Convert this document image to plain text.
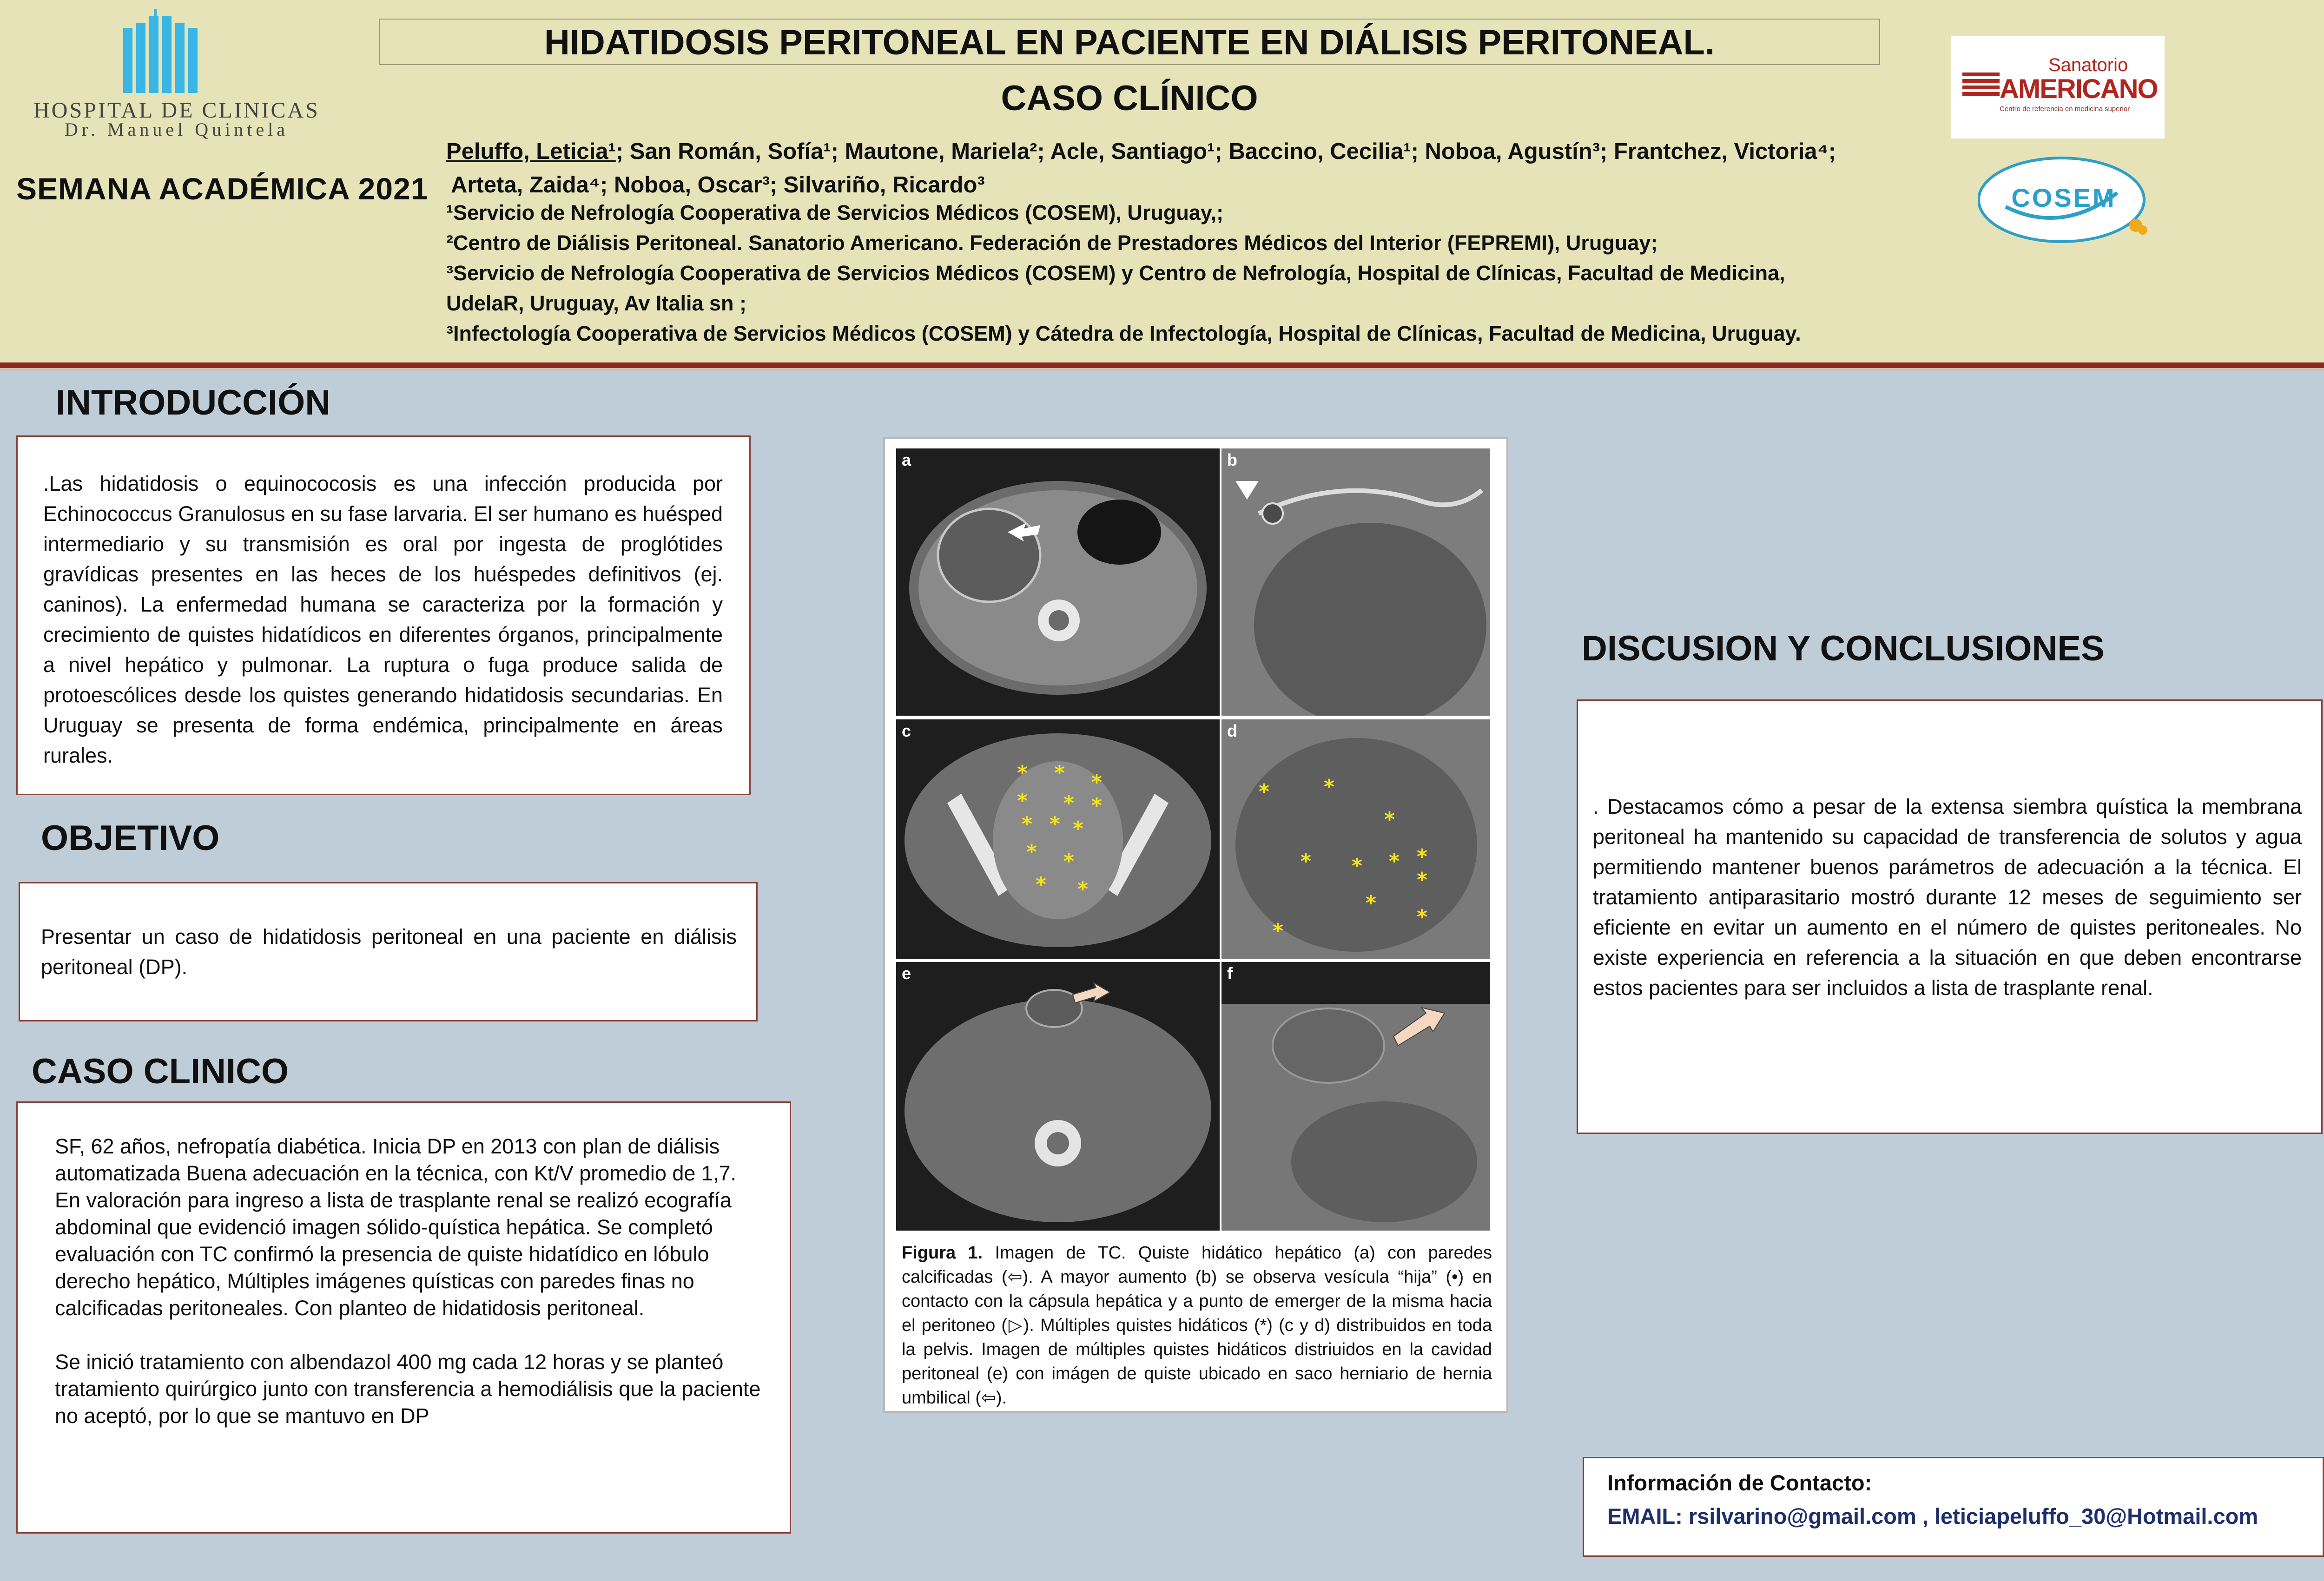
HOSPITAL DE CLINICAS
Dr. Manuel Quintela
SEMANA ACADÉMICA 2021
HIDATIDOSIS PERITONEAL EN PACIENTE EN DIÁLISIS PERITONEAL.
CASO CLÍNICO
Peluffo, Leticia¹; San Román, Sofía¹; Mautone, Mariela²; Acle, Santiago¹; Baccino, Cecilia¹; Noboa, Agustín³; Frantchez, Victoria⁴;
Arteta, Zaida⁴; Noboa, Oscar³; Silvariño, Ricardo³
¹Servicio de Nefrología Cooperativa de Servicios Médicos (COSEM), Uruguay,;
²Centro de Diálisis Peritoneal. Sanatorio Americano. Federación de Prestadores Médicos del Interior (FEPREMI), Uruguay;
³Servicio de Nefrología Cooperativa de Servicios Médicos (COSEM) y Centro de Nefrología, Hospital de Clínicas, Facultad de Medicina,
UdelaR, Uruguay, Av Italia sn ;
³Infectología Cooperativa de Servicios Médicos (COSEM) y Cátedra de Infectología, Hospital de Clínicas, Facultad de Medicina, Uruguay.
Sanatorio
AMERICANO
Centro de referencia en medicina superior
COSEM
INTRODUCCIÓN
.Las hidatidosis o equinococosis es una infección producida por Echinococcus Granulosus en su fase larvaria. El ser humano es huésped intermediario y su transmisión es oral por ingesta de proglótides gravídicas presentes en las heces de los huéspedes definitivos (ej. caninos). La enfermedad humana se caracteriza por la formación y crecimiento de quistes hidatídicos en diferentes órganos, principalmente a nivel hepático y pulmonar. La ruptura o fuga produce salida de protoescólices desde los quistes generando hidatidosis secundarias. En Uruguay se presenta de forma endémica, principalmente en áreas rurales.
OBJETIVO
Presentar un caso de hidatidosis peritoneal en una paciente en diálisis peritoneal (DP).
CASO CLINICO
SF, 62 años, nefropatía diabética. Inicia DP en 2013 con plan de diálisis automatizada Buena adecuación en la técnica, con Kt/V promedio de 1,7.
En valoración para ingreso a lista de trasplante renal se realizó ecografía abdominal que evidenció imagen sólido-quística hepática. Se completó evaluación con TC confirmó la presencia de quiste hidatídico en lóbulo derecho hepático, Múltiples imágenes quísticas con paredes finas no calcificadas peritoneales. Con planteo de hidatidosis peritoneal.
Se inició tratamiento con albendazol 400 mg cada 12 horas y se planteó tratamiento quirúrgico junto con transferencia a hemodiálisis que la paciente no aceptó, por lo que se mantuvo en DP
a	b
* * *
* * *
* * *
* *
* *
c
*	*
*
* * * *
*
*
*
*
d
e	f
Figura 1. Imagen de TC. Quiste hidático hepático (a) con paredes calcificadas (⇦). A mayor aumento (b) se observa vesícula “hija” (•) en contacto con la cápsula hepática y a punto de emerger de la misma hacia el peritoneo (▷). Múltiples quistes hidáticos (*) (c y d) distribuidos en toda la pelvis. Imagen de múltiples quistes hidáticos distriuidos en la cavidad peritoneal (e) con imágen de quiste ubicado en saco herniario de hernia umbilical (⇦).
DISCUSION Y CONCLUSIONES
. Destacamos cómo a pesar de la extensa siembra quística la membrana peritoneal ha mantenido su capacidad de transferencia de solutos y agua permitiendo mantener buenos parámetros de adecuación a la técnica. El tratamiento antiparasitario mostró durante 12 meses de seguimiento ser eficiente en evitar un aumento en el número de quistes peritoneales. No existe experiencia en referencia a la situación en que deben encontrarse estos pacientes para ser incluidos a lista de trasplante renal.
Información de Contacto:
EMAIL: rsilvarino@gmail.com , leticiapeluffo_30@Hotmail.com
